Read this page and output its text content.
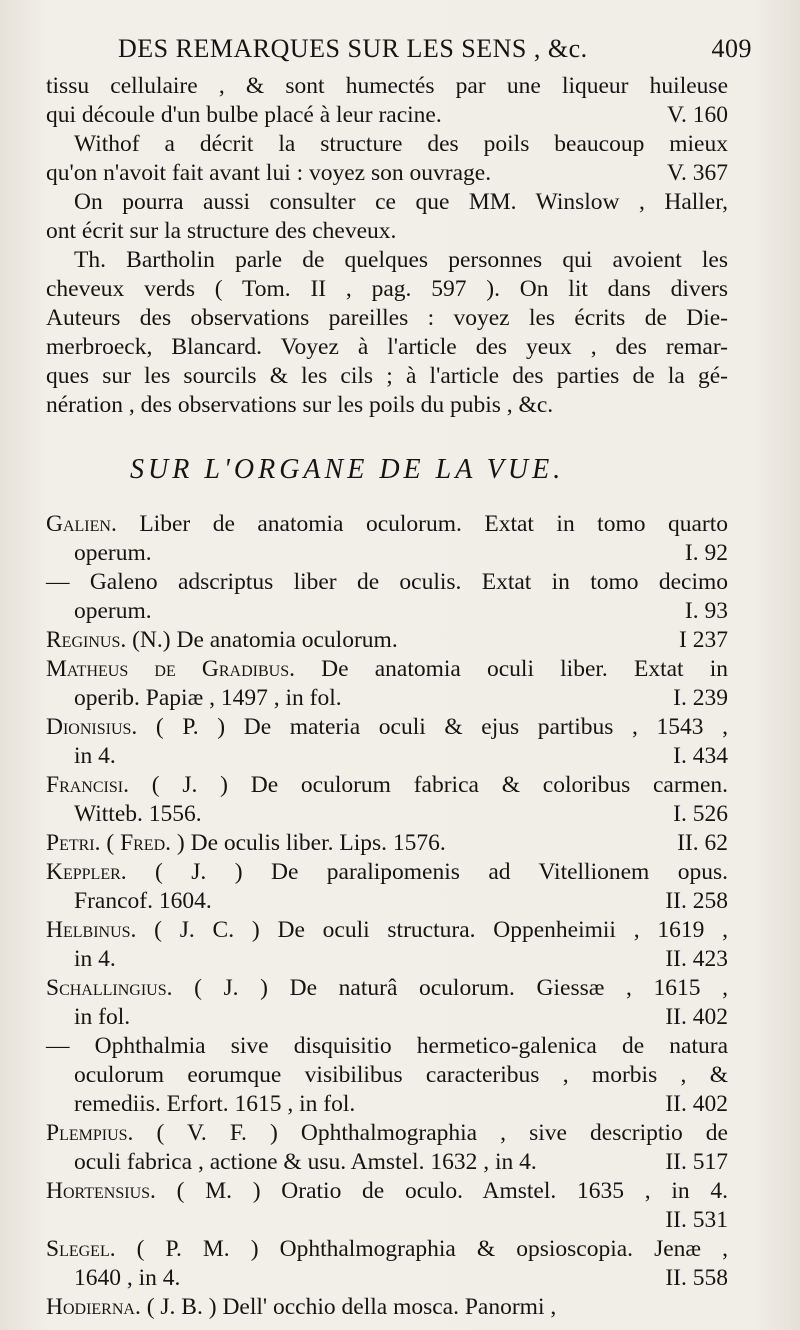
DES REMARQUES SUR LES SENS , &c.	409
tissu cellulaire , & sont humectés par une liqueur huileuse
qui découle d'un bulbe placé à leur racine.	V. 160
Withof a décrit la structure des poils beaucoup mieux
qu'on n'avoit fait avant lui : voyez son ouvrage.	V. 367
On pourra aussi consulter ce que MM. Winslow , Haller,
ont écrit sur la structure des cheveux.
Th. Bartholin parle de quelques personnes qui avoient les
cheveux verds ( Tom. II , pag. 597 ). On lit dans divers
Auteurs des observations pareilles : voyez les écrits de Die-
merbroeck, Blancard. Voyez à l'article des yeux , des remar-
ques sur les sourcils & les cils ; à l'article des parties de la gé-
nération , des observations sur les poils du pubis , &c.
SUR L'ORGANE DE LA VUE.
Galien. Liber de anatomia oculorum. Extat in tomo quarto
operum.	I. 92
— Galeno adscriptus liber de oculis. Extat in tomo decimo
operum.	I. 93
Reginus. (N.) De anatomia oculorum.	I 237
Matheus de Gradibus. De anatomia oculi liber. Extat in
operib. Papiæ , 1497 , in fol.	I. 239
Dionisius. ( P. ) De materia oculi & ejus partibus , 1543 ,
in 4.	I. 434
Francisi. ( J. ) De oculorum fabrica & coloribus carmen.
Witteb. 1556.	I. 526
Petri. ( Fred. ) De oculis liber. Lips. 1576.	II. 62
Keppler. ( J. ) De paralipomenis ad Vitellionem opus.
Francof. 1604.	II. 258
Helbinus. ( J. C. ) De oculi structura. Oppenheimii , 1619 ,
in 4.	II. 423
Schallingius. ( J. ) De naturâ oculorum. Giessæ , 1615 ,
in fol.	II. 402
— Ophthalmia sive disquisitio hermetico-galenica de natura
oculorum eorumque visibilibus caracteribus , morbis , &
remediis. Erfort. 1615 , in fol.	II. 402
Plempius. ( V. F. ) Ophthalmographia , sive descriptio de
oculi fabrica , actione & usu. Amstel. 1632 , in 4.	II. 517
Hortensius. ( M. ) Oratio de oculo. Amstel. 1635 , in 4.
II. 531
Slegel. ( P. M. ) Ophthalmographia & opsioscopia. Jenæ ,
1640 , in 4.	II. 558
Hodierna. ( J. B. ) Dell' occhio della mosca. Panormi ,
